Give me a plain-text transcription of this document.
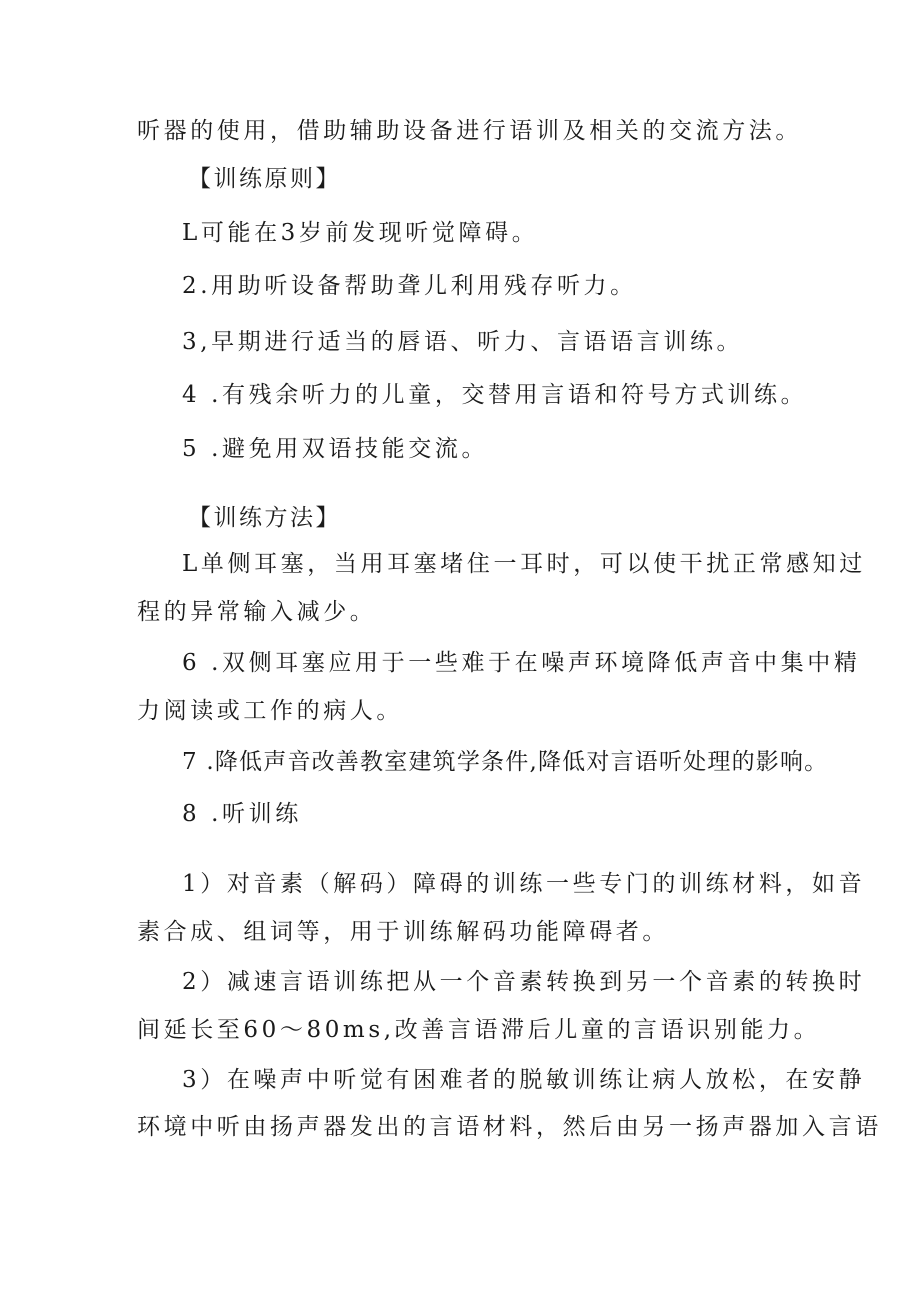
听器的使用，借助辅助设备进行语训及相关的交流方法。

【训练原则】

L可能在3岁前发现听觉障碍。

2.用助听设备帮助聋儿利用残存听力。

3,早期进行适当的唇语、听力、言语语言训练。

4 .有残余听力的儿童，交替用言语和符号方式训练。

5 .避免用双语技能交流。

【训练方法】

L单侧耳塞，当用耳塞堵住一耳时，可以使干扰正常感知过

程的异常输入减少。

6 .双侧耳塞应用于一些难于在噪声环境降低声音中集中精

力阅读或工作的病人。

7 .降低声音改善教室建筑学条件,降低对言语听处理的影响。

8 .听训练

1）对音素（解码）障碍的训练一些专门的训练材料，如音

素合成、组词等，用于训练解码功能障碍者。

2）减速言语训练把从一个音素转换到另一个音素的转换时

间延长至60～80ms,改善言语滞后儿童的言语识别能力。

3）在噪声中听觉有困难者的脱敏训练让病人放松，在安静

环境中听由扬声器发出的言语材料，然后由另一扬声器加入言语
